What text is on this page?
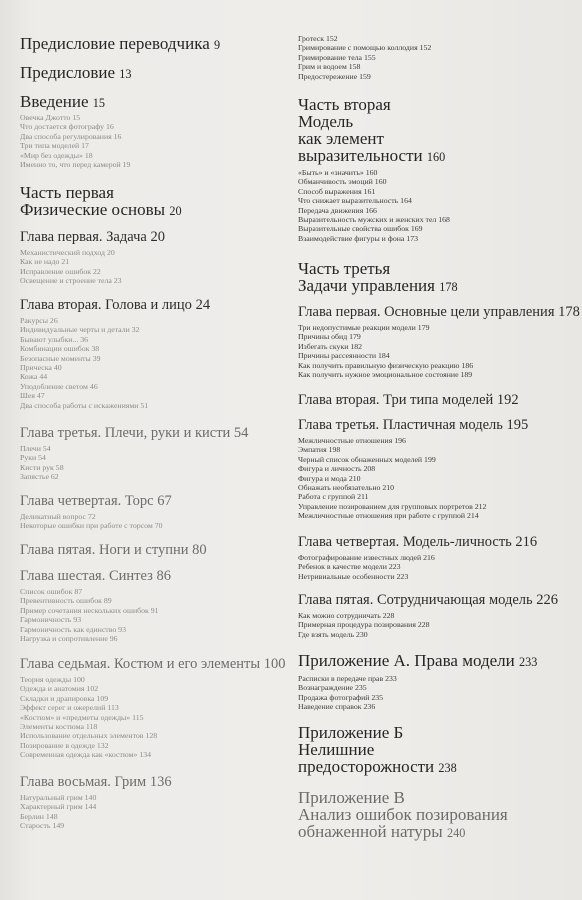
Предисловие переводчика 9
Предисловие 13
Введение 15
Овечка Джотто 15
Что достается фотографу 16
Два способа регулирования 16
Три типа моделей 17
«Мир без одежды» 18
Именно то, что перед камерой 19
Часть первая
Физические основы 20
Глава первая. Задача 20
Механистический подход 20
Как не надо 21
Исправление ошибок 22
Освещение и строение тела 23
Глава вторая. Голова и лицо 24
Ракурсы 26
Индивидуальные черты и детали 32
Бывают улыбки... 36
Комбинации ошибок 38
Безопасные моменты 39
Прическа 40
Кожа 44
Уподобление светом 46
Шея 47
Два способа работы с искажениями 51
Глава третья. Плечи, руки и кисти 54
Плечи 54
Руки 54
Кисти рук 58
Запястье 62
Глава четвертая. Торс 67
Деликатный вопрос 72
Некоторые ошибки при работе с торсом 70
Глава пятая. Ноги и ступни 80
Глава шестая. Синтез 86
Список ошибок 87
Превентивность ошибок 89
Пример сочетания нескольких ошибок 91
Гармоничность 93
Гармоничность как единство 93
Нагрузка и сопротивление 96
Глава седьмая. Костюм и его элементы 100
Теория одежды 100
Одежда и анатомия 102
Складки и драпировка 109
Эффект серег и ожерелий 113
«Костюм» и «предметы одежды» 115
Элементы костюма 118
Использование отдельных элементов 128
Позирование в одежде 132
Современная одежда как «костюм» 134
Глава восьмая. Грим 136
Натуральный грим 140
Характерный грим 144
Берлин 148
Старость 149
Гротеск 152
Гримирование с помощью коллодия 152
Гримирование тела 155
Грим и водоем 158
Предостережение 159
Часть вторая
Модель
как элемент
выразительности 160
«Быть» и «значить» 160
Обманчивость эмоций 160
Способ выражения 161
Что снижает выразительность 164
Передача движения 166
Выразительность мужских и женских тел 168
Выразительные свойства ошибок 169
Взаимодействие фигуры и фона 173
Часть третья
Задачи управления 178
Глава первая. Основные цели управления 178
Три недопустимые реакции модели 179
Причины обид 179
Избегать скуки 182
Причины рассеянности 184
Как получить правильную физическую реакцию 186
Как получить нужное эмоциональное состояние 189
Глава вторая. Три типа моделей 192
Глава третья. Пластичная модель 195
Межличностные отношения 196
Эмпатия 198
Черный список обнаженных моделей 199
Фигура и личность 208
Фигура и мода 210
Обнажать необязательно 210
Работа с группой 211
Управление позированием для групповых портретов 212
Межличностные отношения при работе с группой 214
Глава четвертая. Модель-личность 216
Фотографирование известных людей 216
Ребенок в качестве модели 223
Нетривиальные особенности 223
Глава пятая. Сотрудничающая модель 226
Как можно сотрудничать 228
Примерная процедура позирования 228
Где взять модель 230
Приложение А. Права модели 233
Расписки в передаче прав 233
Вознаграждение 235
Продажа фотографий 235
Наведение справок 236
Приложение Б
Нелишние
предосторожности 238
Приложение В
Анализ ошибок позирования
обнаженной натуры 240
